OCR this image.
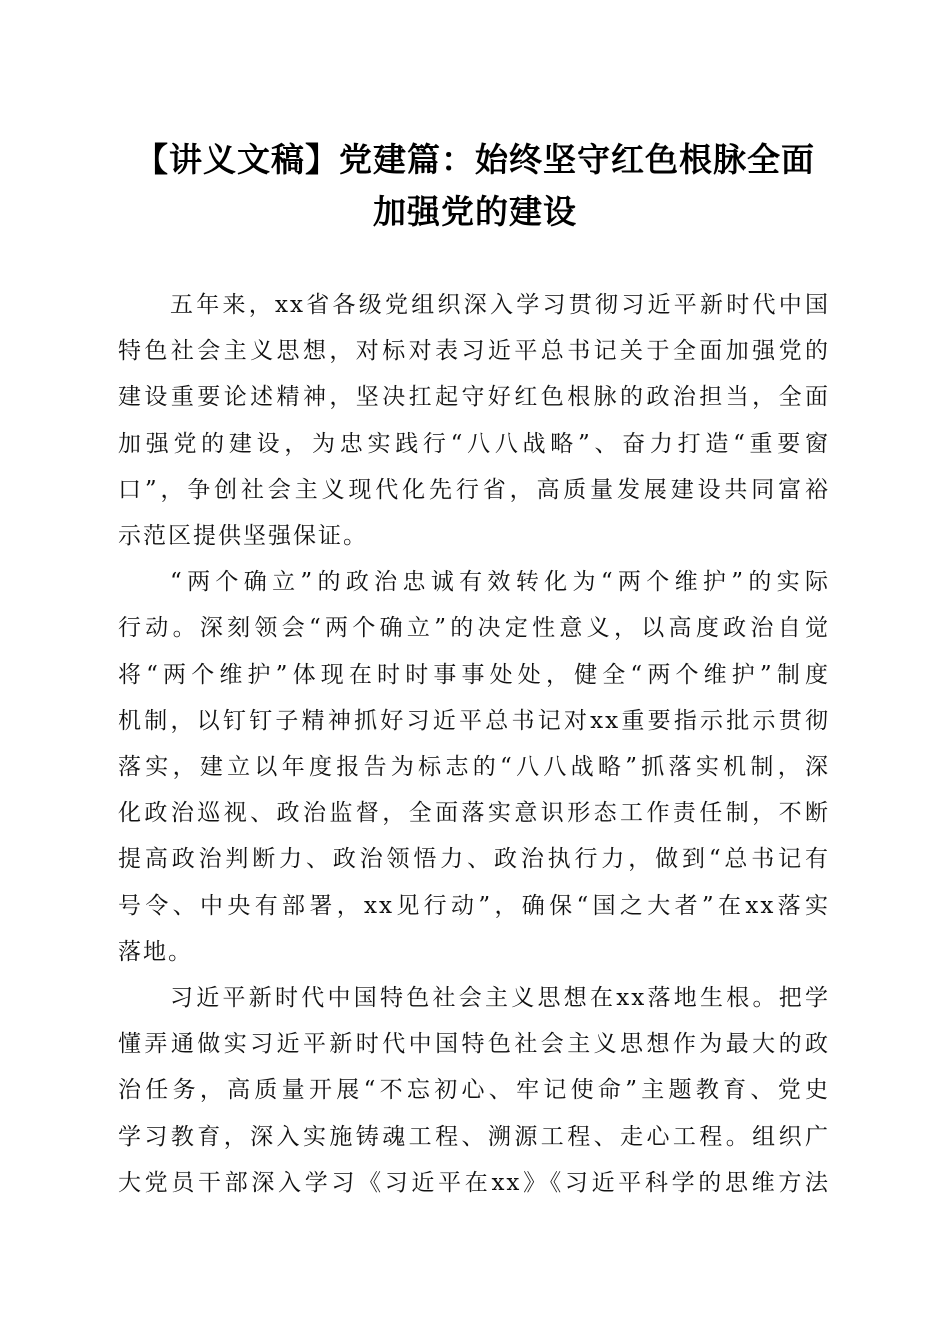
【讲义文稿】党建篇：始终坚守红色根脉全面
加强党的建设
五年来，xx省各级党组织深入学习贯彻习近平新时代中国
特色社会主义思想，对标对表习近平总书记关于全面加强党的
建设重要论述精神，坚决扛起守好红色根脉的政治担当，全面
加强党的建设，为忠实践行“八八战略”、奋力打造“重要窗
口”，争创社会主义现代化先行省，高质量发展建设共同富裕
示范区提供坚强保证。
“两个确立”的政治忠诚有效转化为“两个维护”的实际
行动。深刻领会“两个确立”的决定性意义，以高度政治自觉
将“两个维护”体现在时时事事处处，健全“两个维护”制度
机制，以钉钉子精神抓好习近平总书记对xx重要指示批示贯彻
落实，建立以年度报告为标志的“八八战略”抓落实机制，深
化政治巡视、政治监督，全面落实意识形态工作责任制，不断
提高政治判断力、政治领悟力、政治执行力，做到“总书记有
号令、中央有部署，xx见行动”，确保“国之大者”在xx落实
落地。
习近平新时代中国特色社会主义思想在xx落地生根。把学
懂弄通做实习近平新时代中国特色社会主义思想作为最大的政
治任务，高质量开展“不忘初心、牢记使命”主题教育、党史
学习教育，深入实施铸魂工程、溯源工程、走心工程。组织广
大党员干部深入学习《习近平在xx》《习近平科学的思维方法
